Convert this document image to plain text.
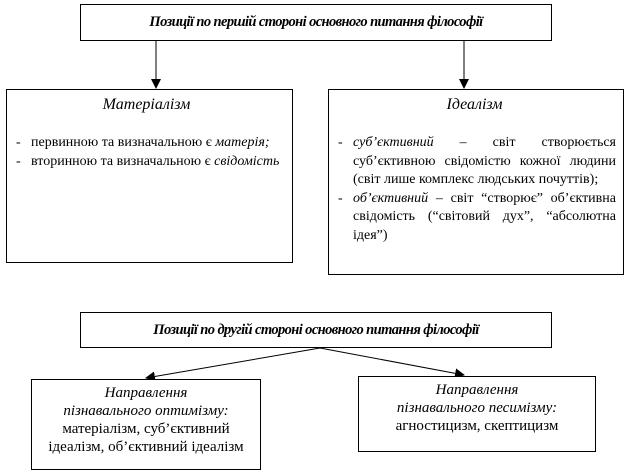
Позиції по першій стороні основного питання філософії
Матеріалізм
- первинною та визначальною є матерія;
- вторинною та визначальною є свідомість
Ідеалізм
- суб’єктивний – світ створюється суб’єктивною свідомістю кожної людини (світ лише комплекс людських почуттів);
- об’єктивний – світ “створює” об’єктивна свідомість (“світовий дух”, “абсолютна ідея”)
Позиції по другій стороні основного питання філософії
Направлення
пізнавального оптимізму:
матеріалізм, суб’єктивний ідеалізм, об’єктивний ідеалізм
Направлення
пізнавального песимізму:
агностицизм, скептицизм
